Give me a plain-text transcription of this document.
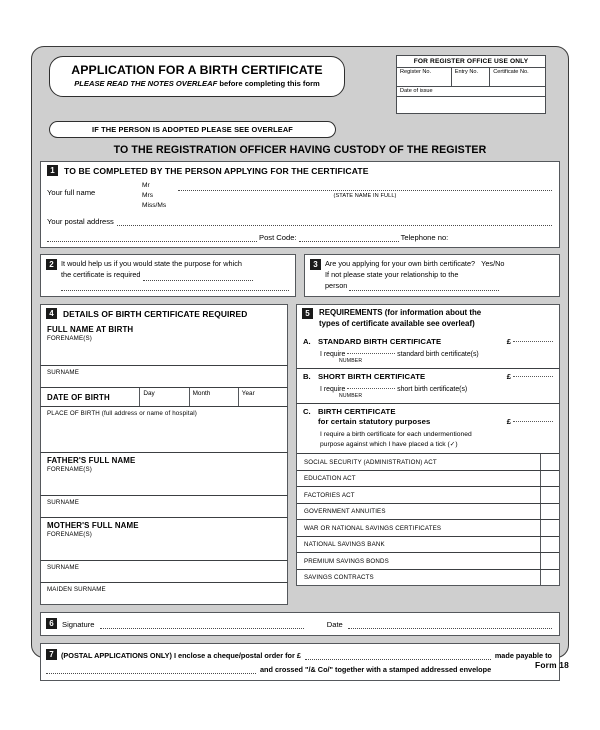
APPLICATION FOR A BIRTH CERTIFICATE
PLEASE READ THE NOTES OVERLEAF before completing this form
FOR REGISTER OFFICE USE ONLY
Register No.	Entry No.	Certificate No.
Date of issue
IF THE PERSON IS ADOPTED PLEASE SEE OVERLEAF
TO THE REGISTRATION OFFICER HAVING CUSTODY OF THE REGISTER
1	TO BE COMPLETED BY THE PERSON APPLYING FOR THE CERTIFICATE
Your full name
Mr
Mrs
Miss/Ms
(STATE NAME IN FULL)
Your postal address
Post Code:	Telephone no:
2 It would help us if you would state the purpose for which
the certificate is required

3 Are you applying for your own birth certificate? Yes/No
If not please state your relationship to the
person
4	DETAILS OF BIRTH CERTIFICATE REQUIRED
FULL NAME AT BIRTH
FORENAME(S)
SURNAME
DATE OF BIRTH	Day	Month	Year
PLACE OF BIRTH (full address or name of hospital)
FATHER'S FULL NAME
FORENAME(S)
SURNAME
MOTHER'S FULL NAME
FORENAME(S)
SURNAME
MAIDEN SURNAME
5	REQUIREMENTS (for information about the
types of certificate available see overleaf)
A. STANDARD BIRTH CERTIFICATE	£
I require	standard birth certificate(s)
NUMBER
B. SHORT BIRTH CERTIFICATE	£
I require	short birth certificate(s)
NUMBER
C. BIRTH CERTIFICATE
for certain statutory purposes	£
I require a birth certificate for each undermentioned
purpose against which I have placed a tick (✓)
SOCIAL SECURITY (ADMINISTRATION) ACT
EDUCATION ACT
FACTORIES ACT
GOVERNMENT ANNUITIES
WAR OR NATIONAL SAVINGS CERTIFICATES
NATIONAL SAVINGS BANK
PREMIUM SAVINGS BONDS
SAVINGS CONTRACTS
6	Signature	Date
7 (POSTAL APPLICATIONS ONLY) I enclose a cheque/postal order for £	made payable to
and crossed "/& Co/" together with a stamped addressed envelope	Form 18
